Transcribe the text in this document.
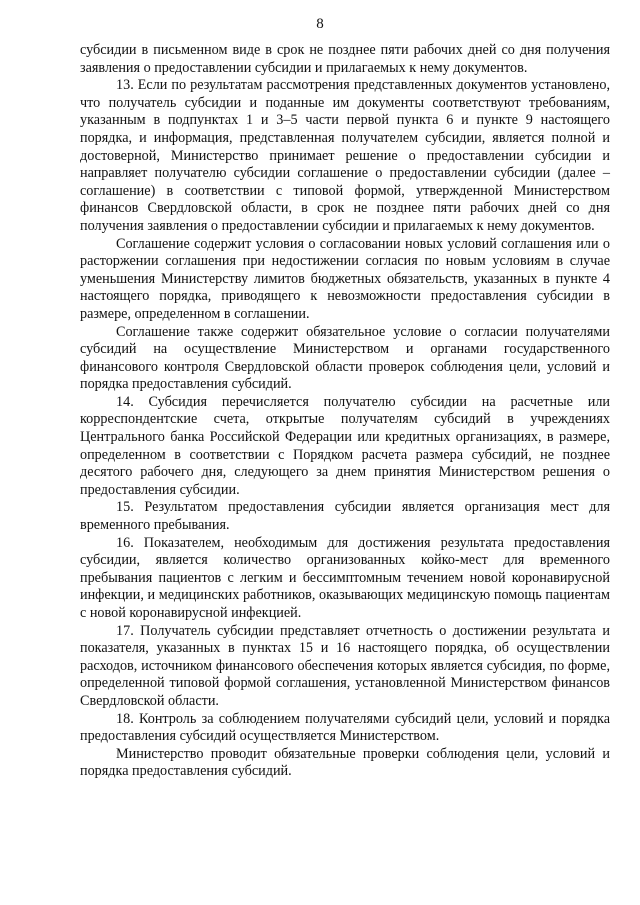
8

субсидии в письменном виде в срок не позднее пяти рабочих дней со дня получения заявления о предоставлении субсидии и прилагаемых к нему документов.

13. Если по результатам рассмотрения представленных документов установлено, что получатель субсидии и поданные им документы соответствуют требованиям, указанным в подпунктах 1 и 3–5 части первой пункта 6 и пункте 9 настоящего порядка, и информация, представленная получателем субсидии, является полной и достоверной, Министерство принимает решение о предоставлении субсидии и направляет получателю субсидии соглашение о предоставлении субсидии (далее – соглашение) в соответствии с типовой формой, утвержденной Министерством финансов Свердловской области, в срок не позднее пяти рабочих дней со дня получения заявления о предоставлении субсидии и прилагаемых к нему документов.

Соглашение содержит условия о согласовании новых условий соглашения или о расторжении соглашения при недостижении согласия по новым условиям в случае уменьшения Министерству лимитов бюджетных обязательств, указанных в пункте 4 настоящего порядка, приводящего к невозможности предоставления субсидии в размере, определенном в соглашении.

Соглашение также содержит обязательное условие о согласии получателями субсидий на осуществление Министерством и органами государственного финансового контроля Свердловской области проверок соблюдения цели, условий и порядка предоставления субсидий.

14. Субсидия перечисляется получателю субсидии на расчетные или корреспондентские счета, открытые получателям субсидий в учреждениях Центрального банка Российской Федерации или кредитных организациях, в размере, определенном в соответствии с Порядком расчета размера субсидий, не позднее десятого рабочего дня, следующего за днем принятия Министерством решения о предоставления субсидии.

15. Результатом предоставления субсидии является организация мест для временного пребывания.

16. Показателем, необходимым для достижения результата предоставления субсидии, является количество организованных койко-мест для временного пребывания пациентов с легким и бессимптомным течением новой коронавирусной инфекции, и медицинских работников, оказывающих медицинскую помощь пациентам с новой коронавирусной инфекцией.

17. Получатель субсидии представляет отчетность о достижении результата и показателя, указанных в пунктах 15 и 16 настоящего порядка, об осуществлении расходов, источником финансового обеспечения которых является субсидия, по форме, определенной типовой формой соглашения, установленной Министерством финансов Свердловской области.

18. Контроль за соблюдением получателями субсидий цели, условий и порядка предоставления субсидий осуществляется Министерством.

Министерство проводит обязательные проверки соблюдения цели, условий и порядка предоставления субсидий.
